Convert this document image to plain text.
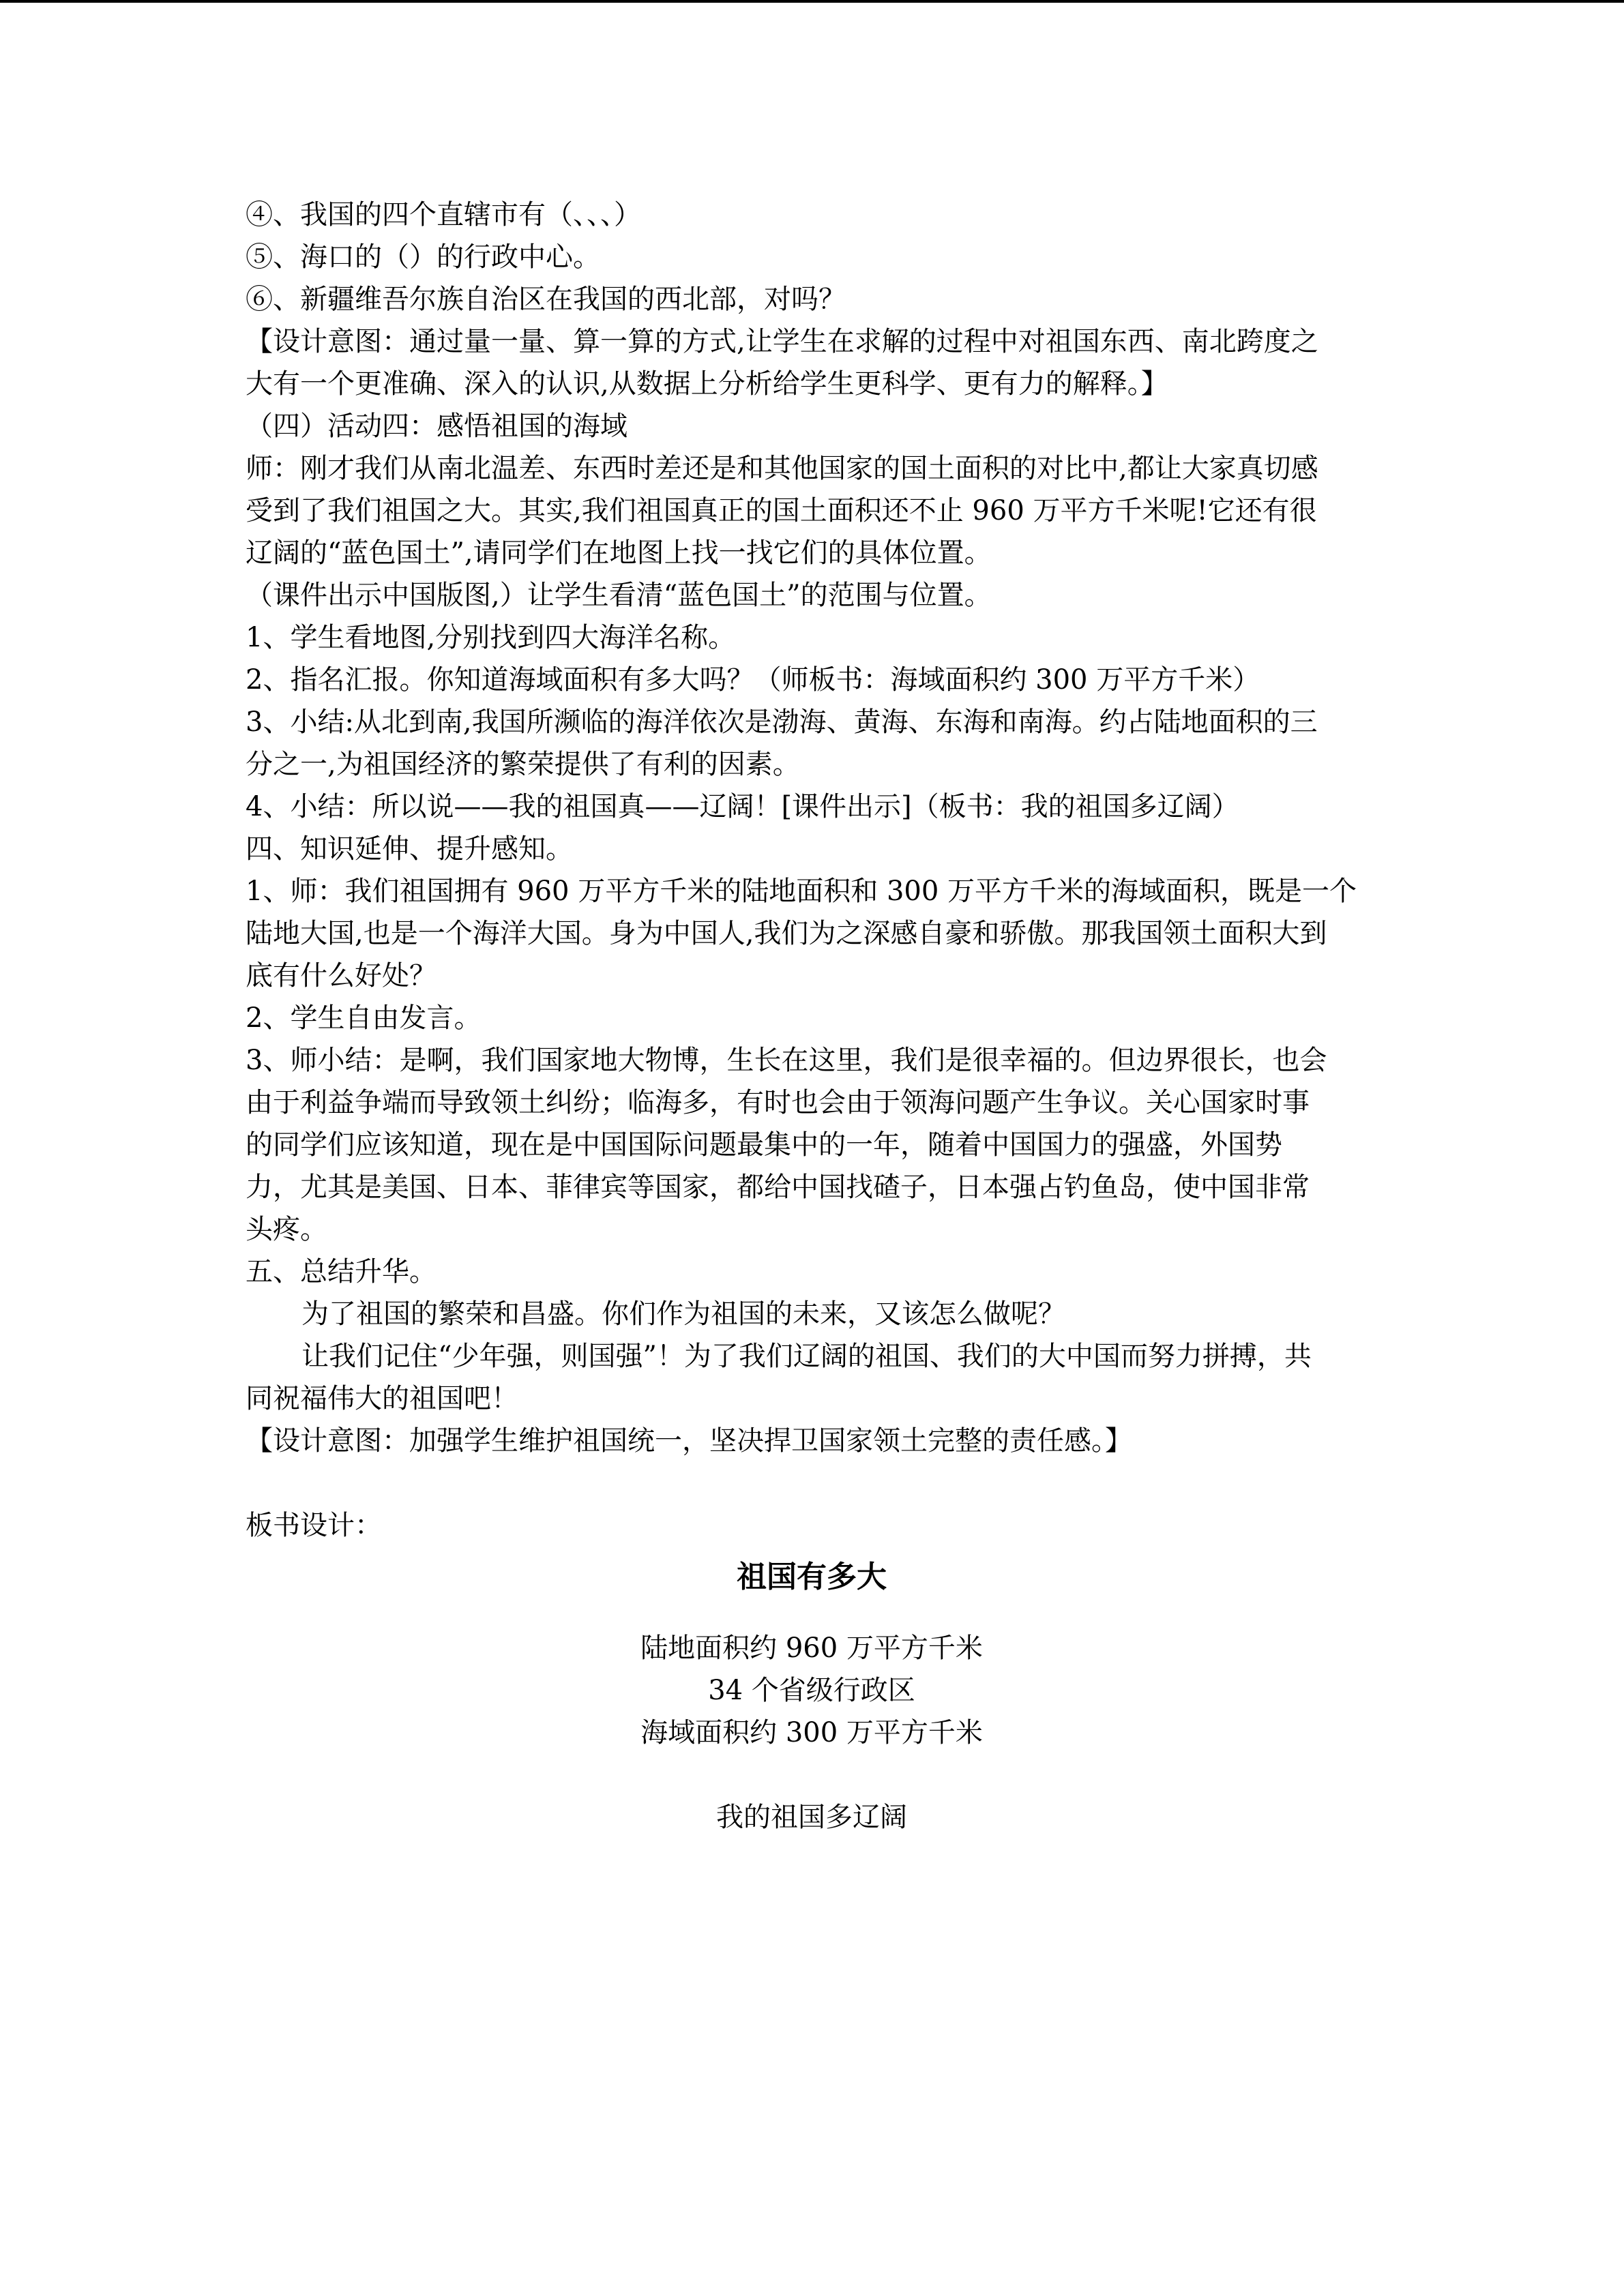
④、我国的四个直辖市有（、、、）

⑤、海口的（）的行政中心。

⑥、新疆维吾尔族自治区在我国的西北部，对吗？

【设计意图：通过量一量、算一算的方式,让学生在求解的过程中对祖国东西、南北跨度之

大有一个更准确、深入的认识,从数据上分析给学生更科学、更有力的解释。】

（四）活动四：感悟祖国的海域

师：刚才我们从南北温差、东西时差还是和其他国家的国土面积的对比中,都让大家真切感

受到了我们祖国之大。其实,我们祖国真正的国土面积还不止 960 万平方千米呢!它还有很

辽阔的“蓝色国土”,请同学们在地图上找一找它们的具体位置。

（课件出示中国版图,）让学生看清“蓝色国土”的范围与位置。

1、学生看地图,分别找到四大海洋名称。

2、指名汇报。你知道海域面积有多大吗？（师板书：海域面积约 300 万平方千米）

3、小结:从北到南,我国所濒临的海洋依次是渤海、黄海、东海和南海。约占陆地面积的三

分之一,为祖国经济的繁荣提供了有利的因素。

4、小结：所以说——我的祖国真——辽阔！[课件出示]（板书：我的祖国多辽阔）

四、知识延伸、提升感知。

1、师：我们祖国拥有 960 万平方千米的陆地面积和 300 万平方千米的海域面积，既是一个

陆地大国,也是一个海洋大国。身为中国人,我们为之深感自豪和骄傲。那我国领土面积大到

底有什么好处？

2、学生自由发言。

3、师小结：是啊，我们国家地大物博，生长在这里，我们是很幸福的。但边界很长，也会

由于利益争端而导致领土纠纷；临海多，有时也会由于领海问题产生争议。关心国家时事

的同学们应该知道，现在是中国国际问题最集中的一年，随着中国国力的强盛，外国势

力，尤其是美国、日本、菲律宾等国家，都给中国找碴子，日本强占钓鱼岛，使中国非常

头疼。

五、总结升华。

为了祖国的繁荣和昌盛。你们作为祖国的未来，又该怎么做呢？

让我们记住“少年强，则国强”！为了我们辽阔的祖国、我们的大中国而努力拼搏，共

同祝福伟大的祖国吧！

【设计意图：加强学生维护祖国统一，坚决捍卫国家领土完整的责任感。】

板书设计：

祖国有多大

陆地面积约 960 万平方千米

34 个省级行政区

海域面积约 300 万平方千米

我的祖国多辽阔
